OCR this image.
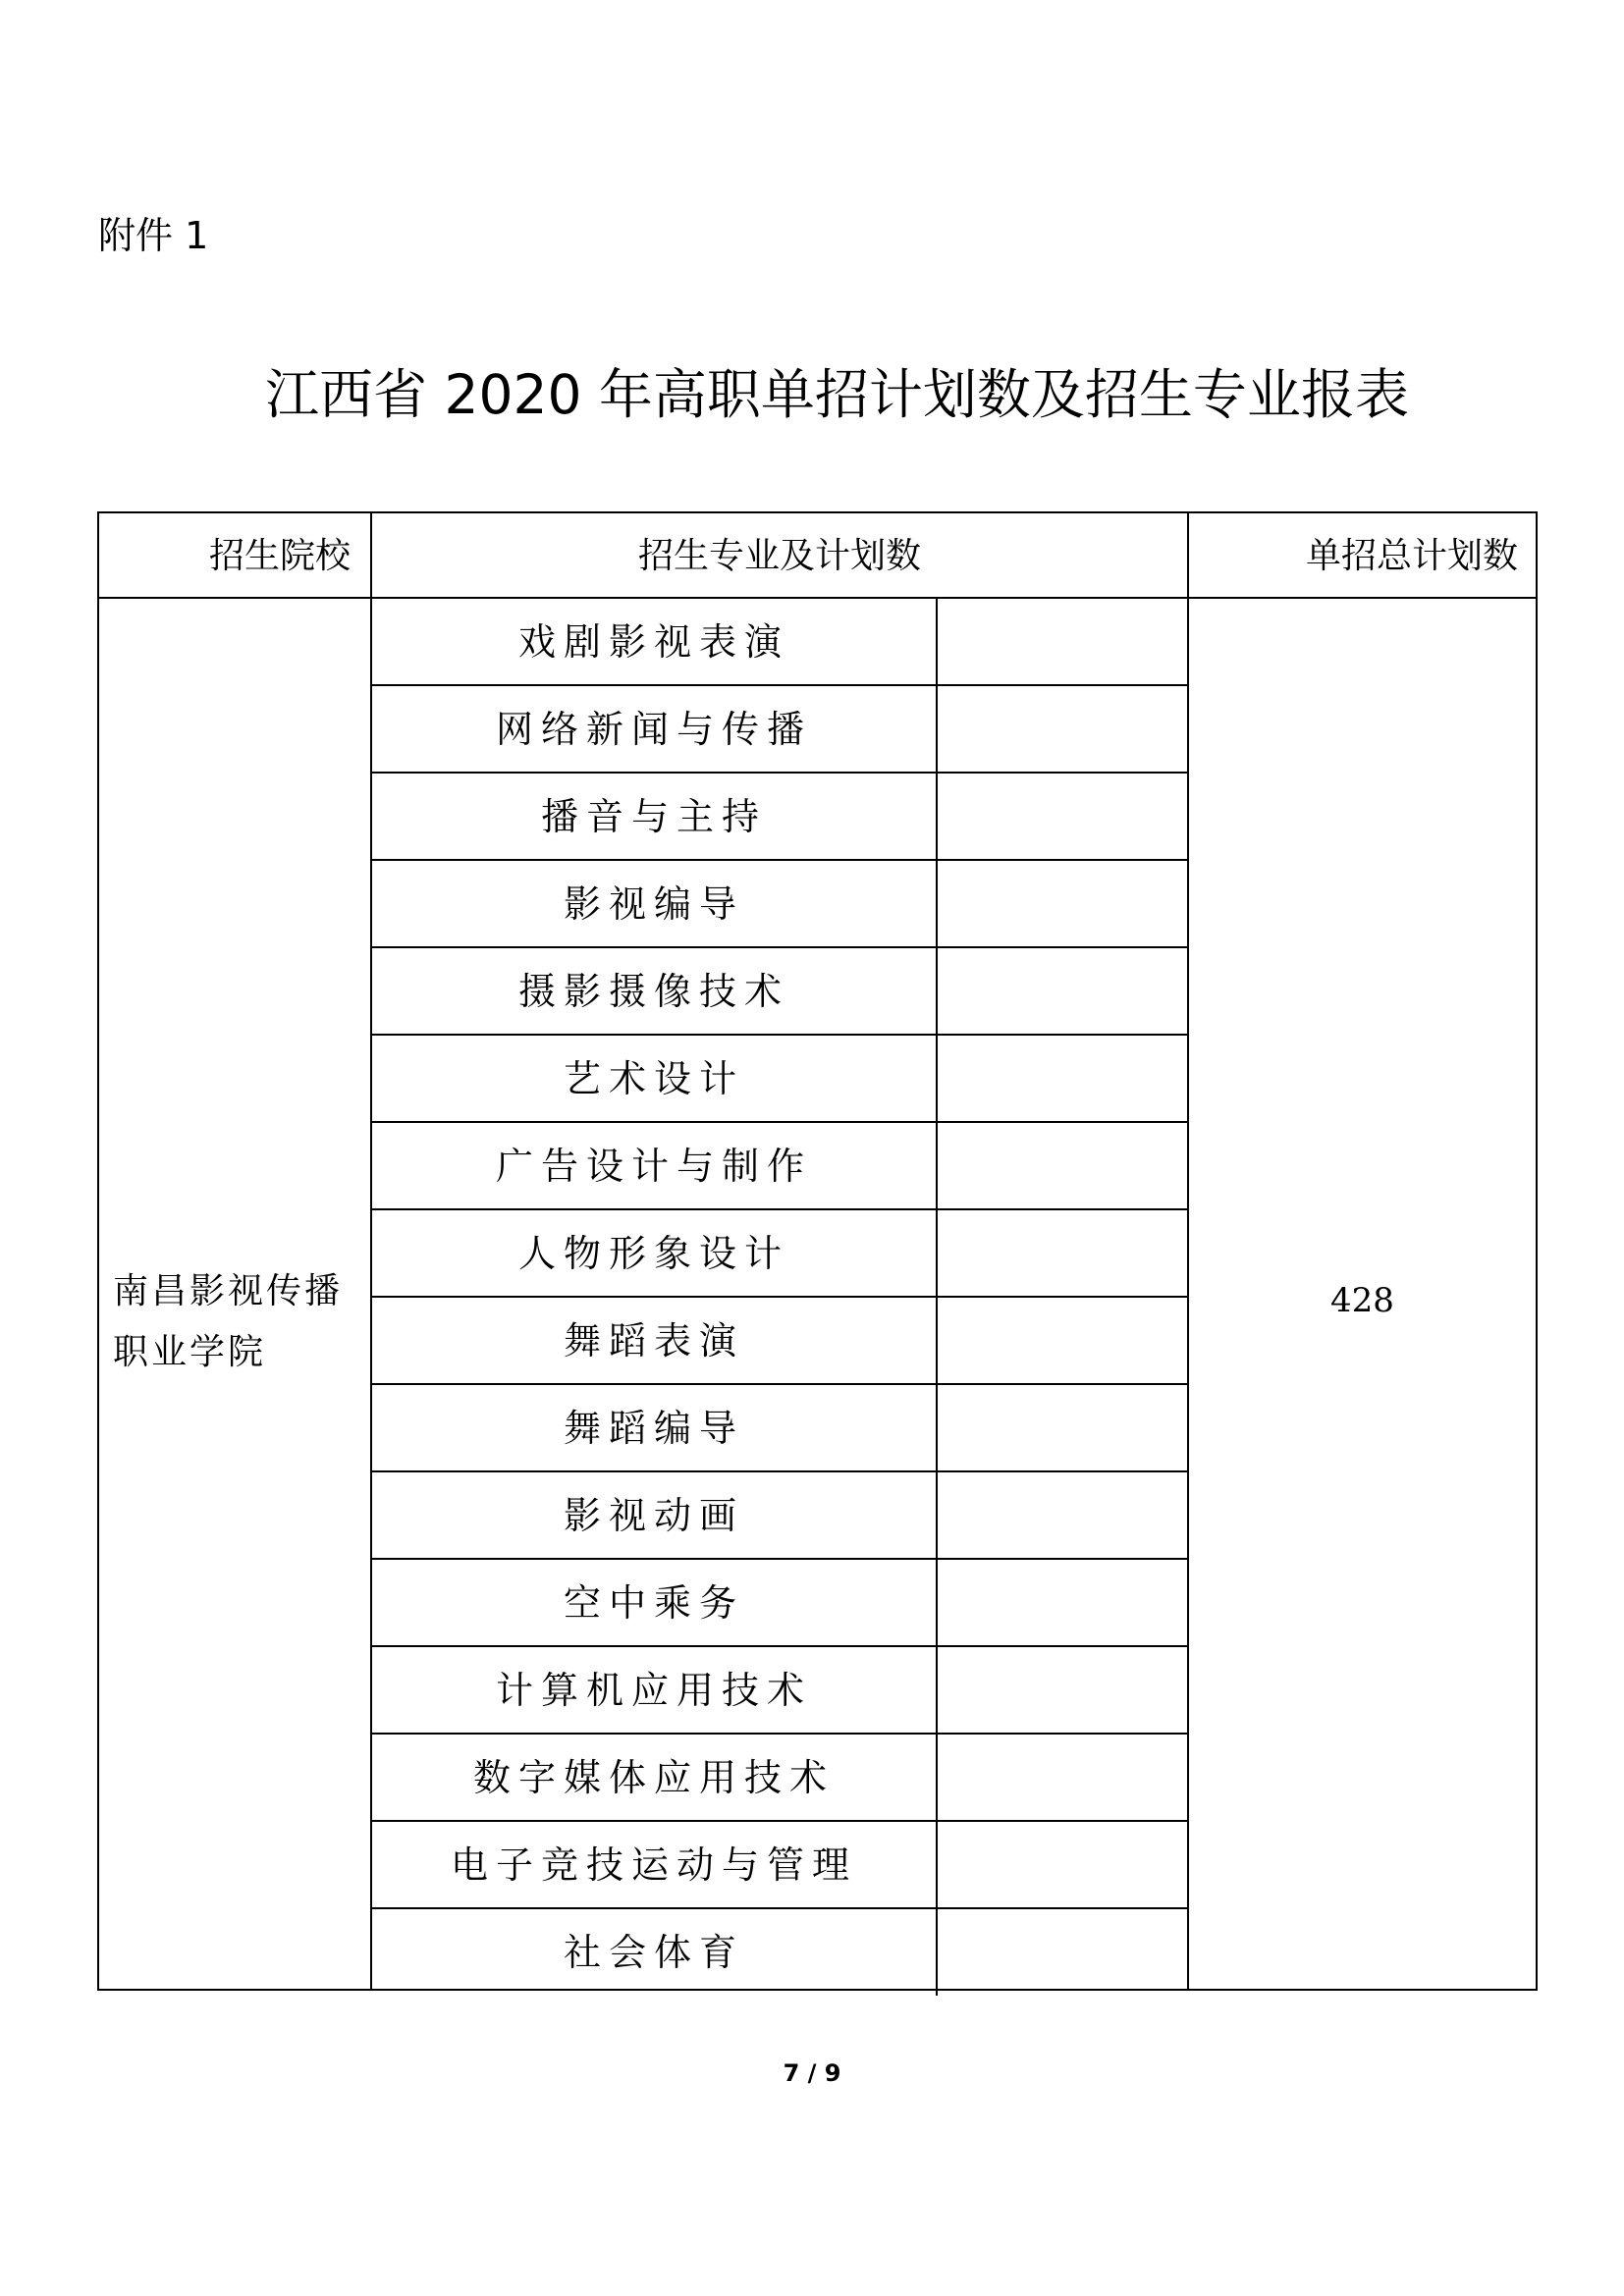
附件 1
江西省 2020 年高职单招计划数及招生专业报表
招生院校	招生专业及计划数	单招总计划数
南昌影视传播职业学院
戏剧影视表演
网络新闻与传播
播音与主持
影视编导
摄影摄像技术
艺术设计
广告设计与制作
人物形象设计
舞蹈表演
舞蹈编导
影视动画
空中乘务
计算机应用技术
数字媒体应用技术
电子竞技运动与管理
社会体育
428
7 / 9
